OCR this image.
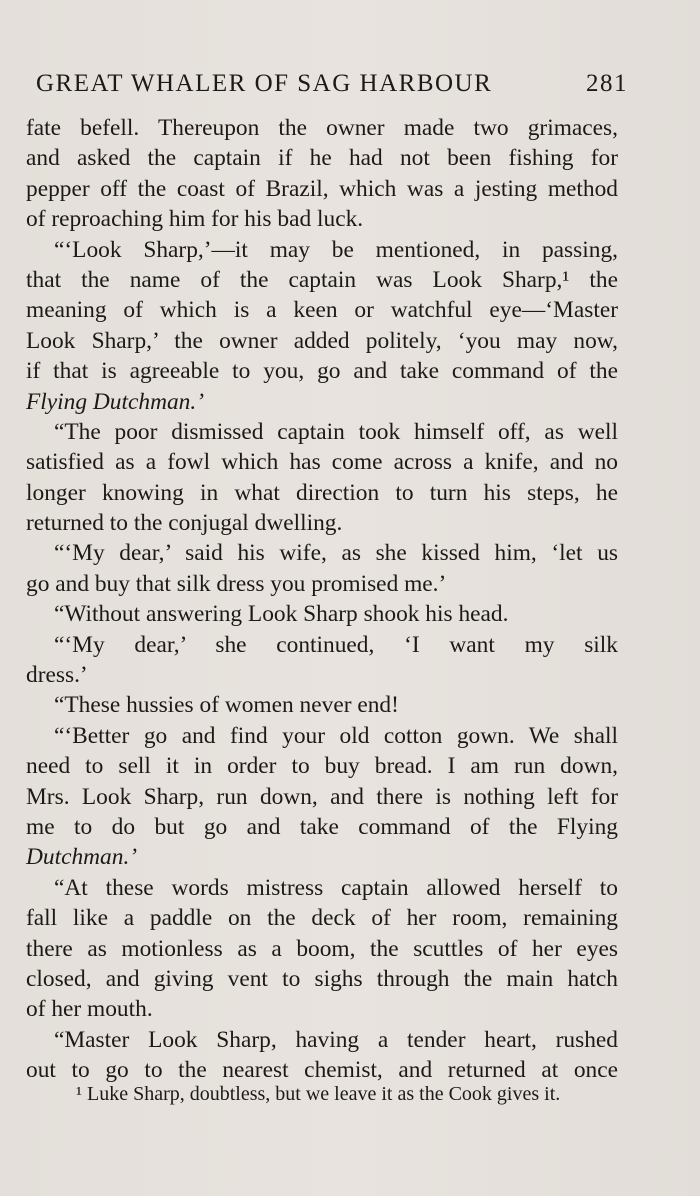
GREAT WHALER OF SAG HARBOUR	281
fate befell. Thereupon the owner made two grimaces,
and asked the captain if he had not been fishing for
pepper off the coast of Brazil, which was a jesting method
of reproaching him for his bad luck.
“‘Look Sharp,’—it may be mentioned, in passing,
that the name of the captain was Look Sharp,¹ the
meaning of which is a keen or watchful eye—‘Master
Look Sharp,’ the owner added politely, ‘you may now,
if that is agreeable to you, go and take command of the
Flying Dutchman.’
“The poor dismissed captain took himself off, as well
satisfied as a fowl which has come across a knife, and no
longer knowing in what direction to turn his steps, he
returned to the conjugal dwelling.
“‘My dear,’ said his wife, as she kissed him, ‘let us
go and buy that silk dress you promised me.’
“Without answering Look Sharp shook his head.
“‘My dear,’ she continued, ‘I want my silk
dress.’
“These hussies of women never end!
“‘Better go and find your old cotton gown. We shall
need to sell it in order to buy bread. I am run down,
Mrs. Look Sharp, run down, and there is nothing left for
me to do but go and take command of the Flying
Dutchman.’
“At these words mistress captain allowed herself to
fall like a paddle on the deck of her room, remaining
there as motionless as a boom, the scuttles of her eyes
closed, and giving vent to sighs through the main hatch
of her mouth.
“Master Look Sharp, having a tender heart, rushed
out to go to the nearest chemist, and returned at once
¹ Luke Sharp, doubtless, but we leave it as the Cook gives it.
